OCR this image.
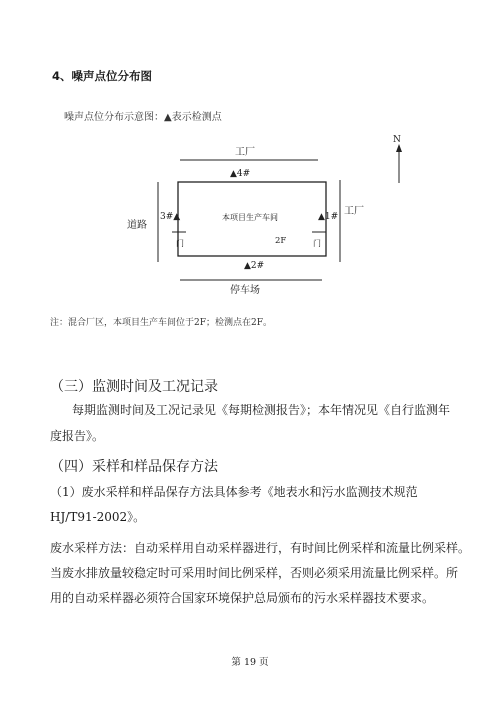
4、噪声点位分布图
噪声点位分布示意图：▲表示检测点
N
工厂
工厂
道路
停车场
本项目生产车间
2F
门	门
▲1#
▲2#
3#▲
▲4#
注：混合厂区，本项目生产车间位于2F；检测点在2F。
（三）监测时间及工况记录
每期监测时间及工况记录见《每期检测报告》；本年情况见《自行监测年
度报告》。
（四）采样和样品保存方法
（1）废水采样和样品保存方法具体参考《地表水和污水监测技术规范
HJ/T91-2002》。
废水采样方法：自动采样用自动采样器进行，有时间比例采样和流量比例采样。
当废水排放量较稳定时可采用时间比例采样，否则必须采用流量比例采样。所
用的自动采样器必须符合国家环境保护总局颁布的污水采样器技术要求。
第 19 页
